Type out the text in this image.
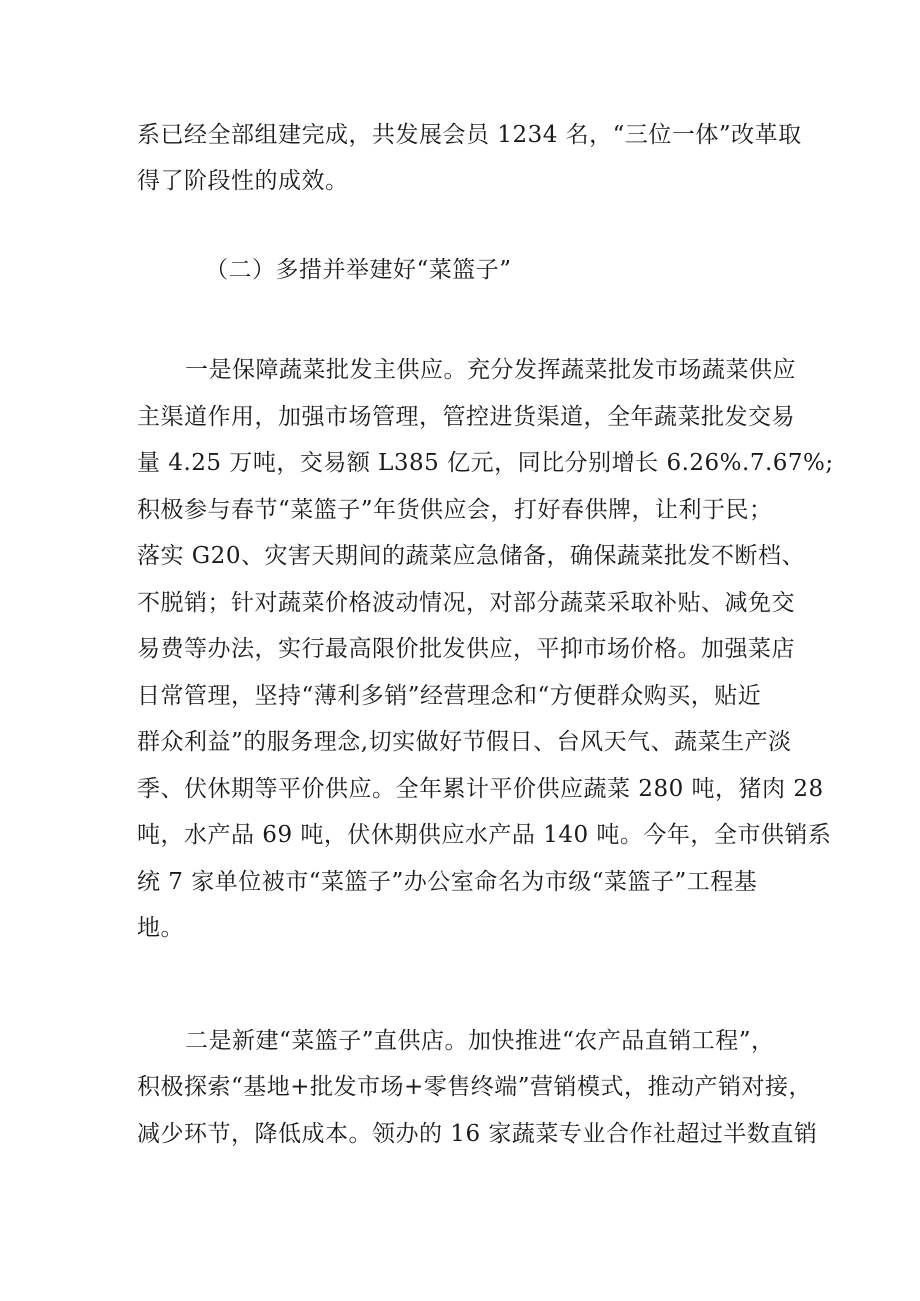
系已经全部组建完成，共发展会员 1234 名，“三位一体”改革取
得了阶段性的成效。
（二）多措并举建好“菜篮子”
一是保障蔬菜批发主供应。充分发挥蔬菜批发市场蔬菜供应
主渠道作用，加强市场管理，管控进货渠道，全年蔬菜批发交易
量 4.25 万吨，交易额 L385 亿元，同比分别增长 6.26%.7.67%;
积极参与春节“菜篮子”年货供应会，打好春供牌，让利于民；
落实 G20、灾害天期间的蔬菜应急储备，确保蔬菜批发不断档、
不脱销；针对蔬菜价格波动情况，对部分蔬菜采取补贴、减免交
易费等办法，实行最高限价批发供应，平抑市场价格。加强菜店
日常管理，坚持“薄利多销”经营理念和“方便群众购买，贴近
群众利益”的服务理念,切实做好节假日、台风天气、蔬菜生产淡
季、伏休期等平价供应。全年累计平价供应蔬菜 280 吨，猪肉 28
吨，水产品 69 吨，伏休期供应水产品 140 吨。今年，全市供销系
统 7 家单位被市“菜篮子”办公室命名为市级“菜篮子”工程基
地。
二是新建“菜篮子”直供店。加快推进“农产品直销工程”，
积极探索“基地+批发市场+零售终端”营销模式，推动产销对接，
减少环节，降低成本。领办的 16 家蔬菜专业合作社超过半数直销
